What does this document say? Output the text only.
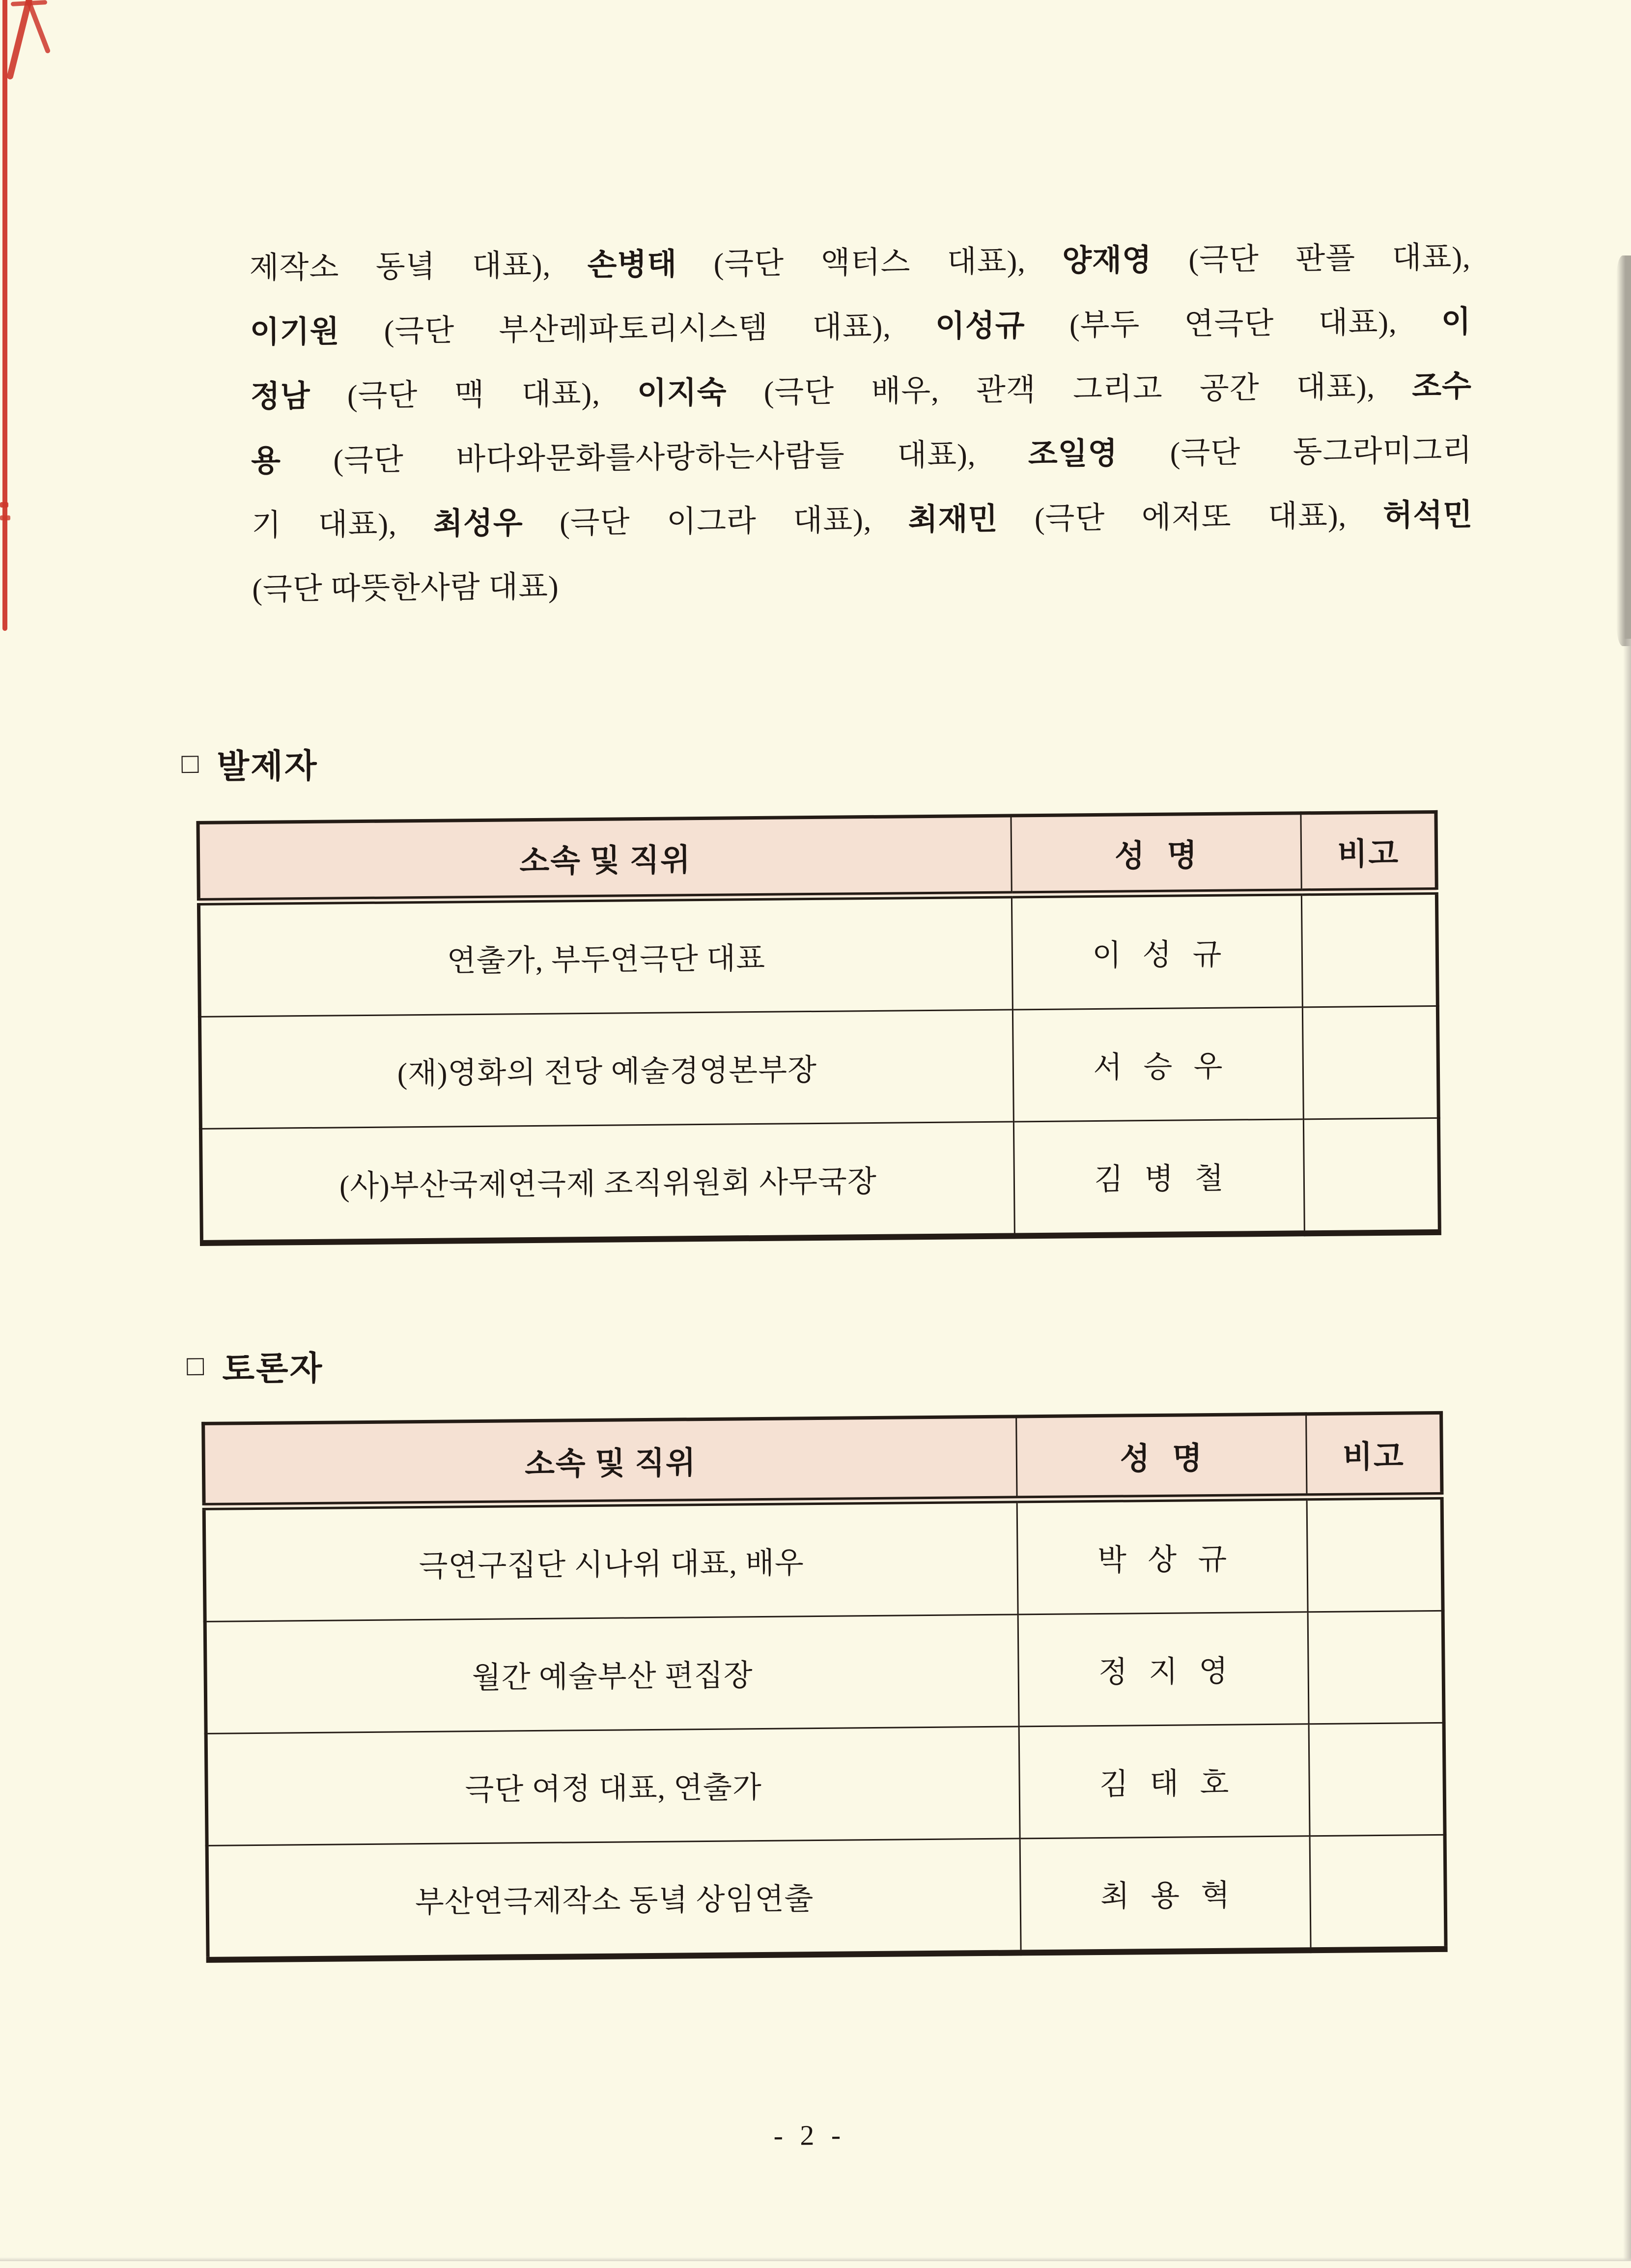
제작소 동녘 대표), 손병태 (극단 액터스 대표), 양재영 (극단 판플 대표),
이기원 (극단 부산레파토리시스템 대표), 이성규 (부두 연극단 대표), 이
정남 (극단 맥 대표), 이지숙 (극단 배우, 관객 그리고 공간 대표), 조수
용 (극단 바다와문화를사랑하는사람들 대표), 조일영 (극단 동그라미그리
기 대표), 최성우 (극단 이그라 대표), 최재민 (극단 에저또 대표), 허석민
(극단 따뜻한사람 대표)
□ 발제자
소속 및 직위	성 명	비고
연출가, 부두연극단 대표	이 성 규	
(재)영화의 전당 예술경영본부장	서 승 우	
(사)부산국제연극제 조직위원회 사무국장	김 병 철	
□ 토론자
소속 및 직위	성 명	비고
극연구집단 시나위 대표, 배우	박 상 규	
월간 예술부산 편집장	정 지 영	
극단 여정 대표, 연출가	김 태 호	
부산연극제작소 동녘 상임연출	최 용 혁	
- 2 -
